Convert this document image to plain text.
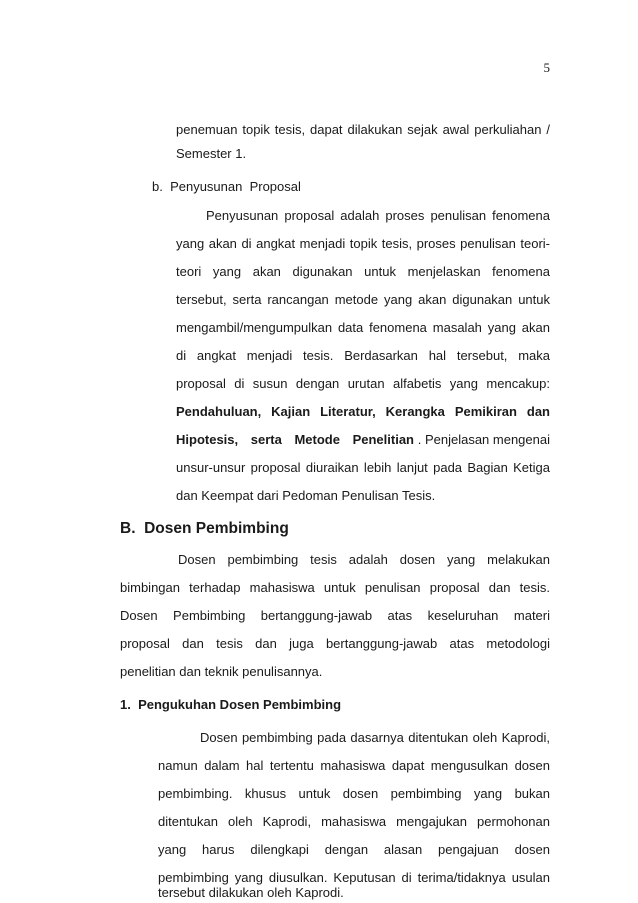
5
penemuan topik tesis, dapat dilakukan sejak awal perkuliahan /
Semester 1.
b.  Penyusunan  Proposal
Penyusunan proposal adalah proses penulisan fenomena
yang akan di angkat menjadi topik tesis, proses penulisan teori-
teori yang akan digunakan untuk menjelaskan fenomena
tersebut, serta rancangan metode yang akan digunakan untuk
mengambil/mengumpulkan data fenomena masalah yang akan
di angkat menjadi tesis. Berdasarkan hal tersebut, maka
proposal di susun dengan urutan alfabetis yang mencakup:
Pendahuluan, Kajian Literatur, Kerangka Pemikiran dan
Hipotesis, serta Metode Penelitian . Penjelasan mengenai
unsur-unsur proposal diuraikan lebih lanjut pada Bagian Ketiga
dan Keempat dari Pedoman Penulisan Tesis.
B.  Dosen Pembimbing
Dosen pembimbing tesis adalah dosen yang melakukan
bimbingan terhadap mahasiswa untuk penulisan proposal dan tesis.
Dosen Pembimbing bertanggung-jawab atas keseluruhan materi
proposal dan tesis dan juga bertanggung-jawab atas metodologi
penelitian dan teknik penulisannya.
1.  Pengukuhan Dosen Pembimbing
Dosen pembimbing pada dasarnya ditentukan oleh Kaprodi,
namun dalam hal tertentu mahasiswa dapat mengusulkan dosen
pembimbing. khusus untuk dosen pembimbing yang bukan
ditentukan oleh Kaprodi, mahasiswa mengajukan permohonan
yang harus dilengkapi dengan alasan pengajuan dosen
pembimbing yang diusulkan. Keputusan di terima/tidaknya usulan
tersebut dilakukan oleh Kaprodi.
